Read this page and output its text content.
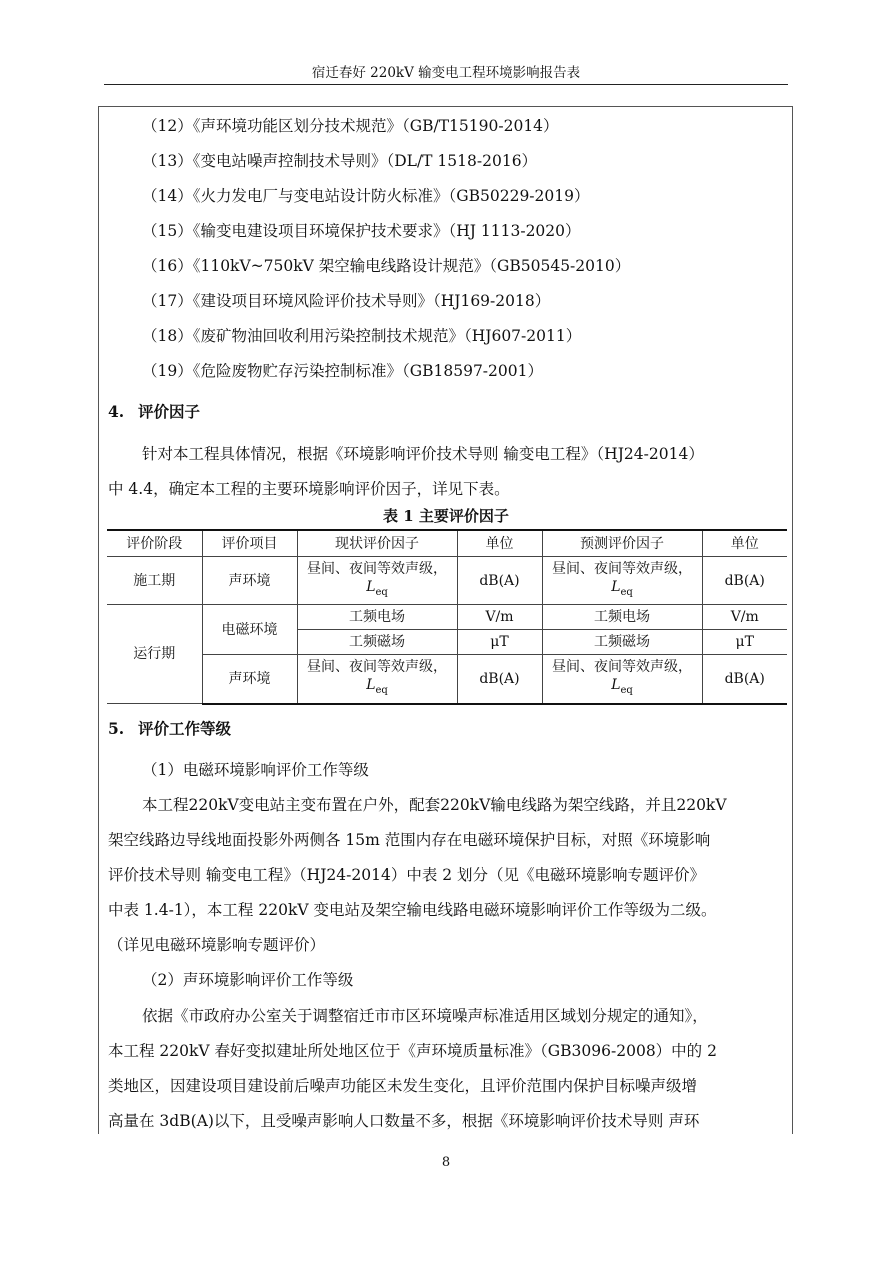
宿迁春好 220kV 输变电工程环境影响报告表
（12）《声环境功能区划分技术规范》（GB/T15190-2014）
（13）《变电站噪声控制技术导则》（DL/T 1518-2016）
（14）《火力发电厂与变电站设计防火标准》（GB50229-2019）
（15）《输变电建设项目环境保护技术要求》（HJ 1113-2020）
（16）《110kV~750kV 架空输电线路设计规范》（GB50545-2010）
（17）《建设项目环境风险评价技术导则》（HJ169-2018）
（18）《废矿物油回收利用污染控制技术规范》（HJ607-2011）
（19）《危险废物贮存污染控制标准》（GB18597-2001）
4. 评价因子
针对本工程具体情况，根据《环境影响评价技术导则 输变电工程》（HJ24-2014）
中 4.4，确定本工程的主要环境影响评价因子，详见下表。
表 1 主要评价因子
评价阶段	评价项目	现状评价因子	单位	预测评价因子	单位
施工期	声环境	昼间、夜间等效声级，
$L_{eq}$	dB(A)	昼间、夜间等效声级，
$L_{eq}$	dB(A)
运行期	电磁环境	工频电场	V/m	工频电场	V/m
		工频磁场	μT	工频磁场	μT
	声环境	昼间、夜间等效声级，
$L_{eq}$	dB(A)	昼间、夜间等效声级，
$L_{eq}$	dB(A)
5. 评价工作等级
（1）电磁环境影响评价工作等级
本工程220kV变电站主变布置在户外，配套220kV输电线路为架空线路，并且220kV
架空线路边导线地面投影外两侧各 15m 范围内存在电磁环境保护目标，对照《环境影响
评价技术导则 输变电工程》（HJ24-2014）中表 2 划分（见《电磁环境影响专题评价》
中表 1.4-1），本工程 220kV 变电站及架空输电线路电磁环境影响评价工作等级为二级。
（详见电磁环境影响专题评价）
（2）声环境影响评价工作等级
依据《市政府办公室关于调整宿迁市市区环境噪声标准适用区域划分规定的通知》，
本工程 220kV 春好变拟建址所处地区位于《声环境质量标准》（GB3096-2008）中的 2
类地区，因建设项目建设前后噪声功能区未发生变化，且评价范围内保护目标噪声级增
高量在 3dB(A)以下，且受噪声影响人口数量不多，根据《环境影响评价技术导则 声环
8
